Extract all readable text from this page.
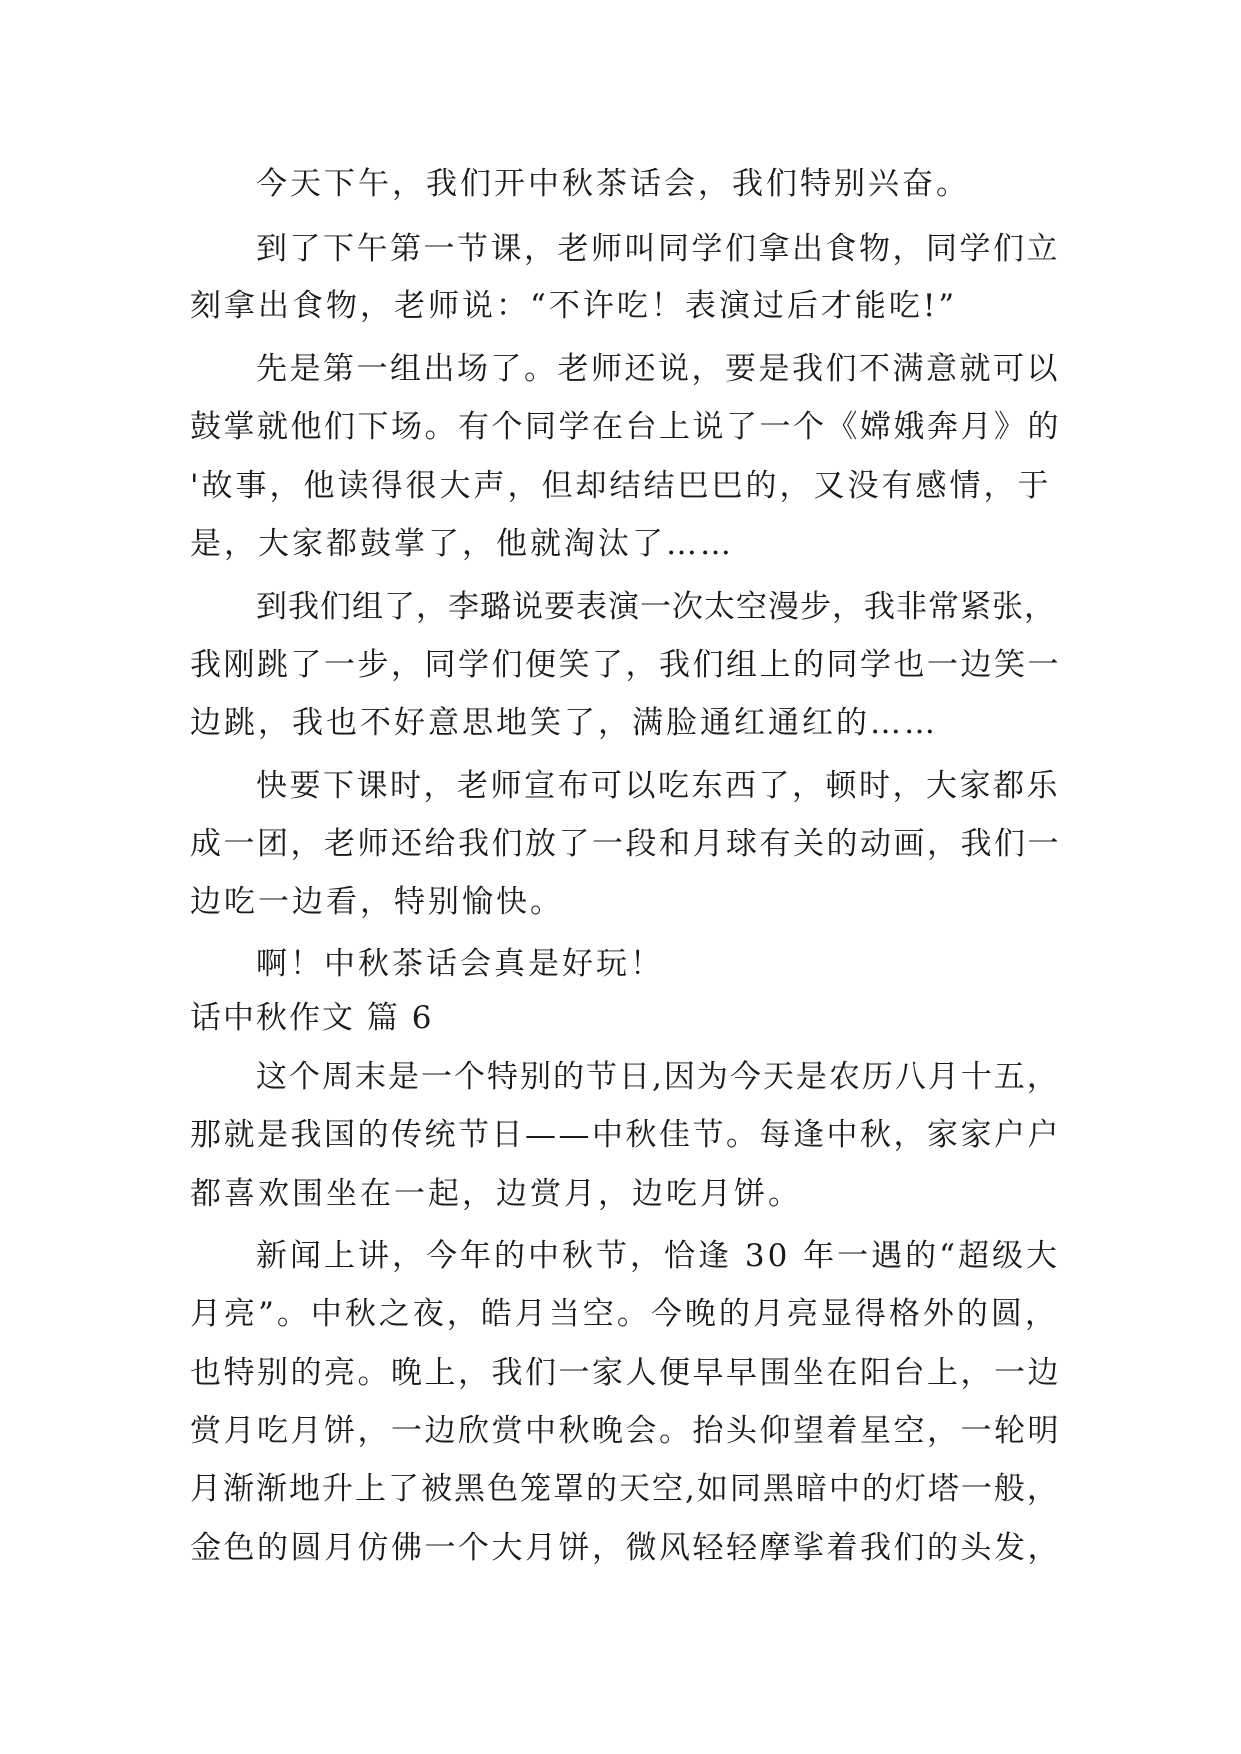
今天下午，我们开中秋茶话会，我们特别兴奋。
到了下午第一节课，老师叫同学们拿出食物，同学们立
刻拿出食物，老师说：“不许吃！表演过后才能吃!”
先是第一组出场了。老师还说，要是我们不满意就可以
鼓掌就他们下场。有个同学在台上说了一个《嫦娥奔月》的
'故事，他读得很大声，但却结结巴巴的，又没有感情，于
是，大家都鼓掌了，他就淘汰了……
到我们组了，李璐说要表演一次太空漫步，我非常紧张，
我刚跳了一步，同学们便笑了，我们组上的同学也一边笑一
边跳，我也不好意思地笑了，满脸通红通红的……
快要下课时，老师宣布可以吃东西了，顿时，大家都乐
成一团，老师还给我们放了一段和月球有关的动画，我们一
边吃一边看，特别愉快。
啊！中秋茶话会真是好玩！
话中秋作文 篇 6
这个周末是一个特别的节日,因为今天是农历八月十五，
那就是我国的传统节日——中秋佳节。每逢中秋，家家户户
都喜欢围坐在一起，边赏月，边吃月饼。
新闻上讲，今年的中秋节，恰逢 30 年一遇的“超级大
月亮”。中秋之夜，皓月当空。今晚的月亮显得格外的圆，
也特别的亮。晚上，我们一家人便早早围坐在阳台上，一边
赏月吃月饼，一边欣赏中秋晚会。抬头仰望着星空，一轮明
月渐渐地升上了被黑色笼罩的天空,如同黑暗中的灯塔一般，
金色的圆月仿佛一个大月饼，微风轻轻摩挲着我们的头发，
